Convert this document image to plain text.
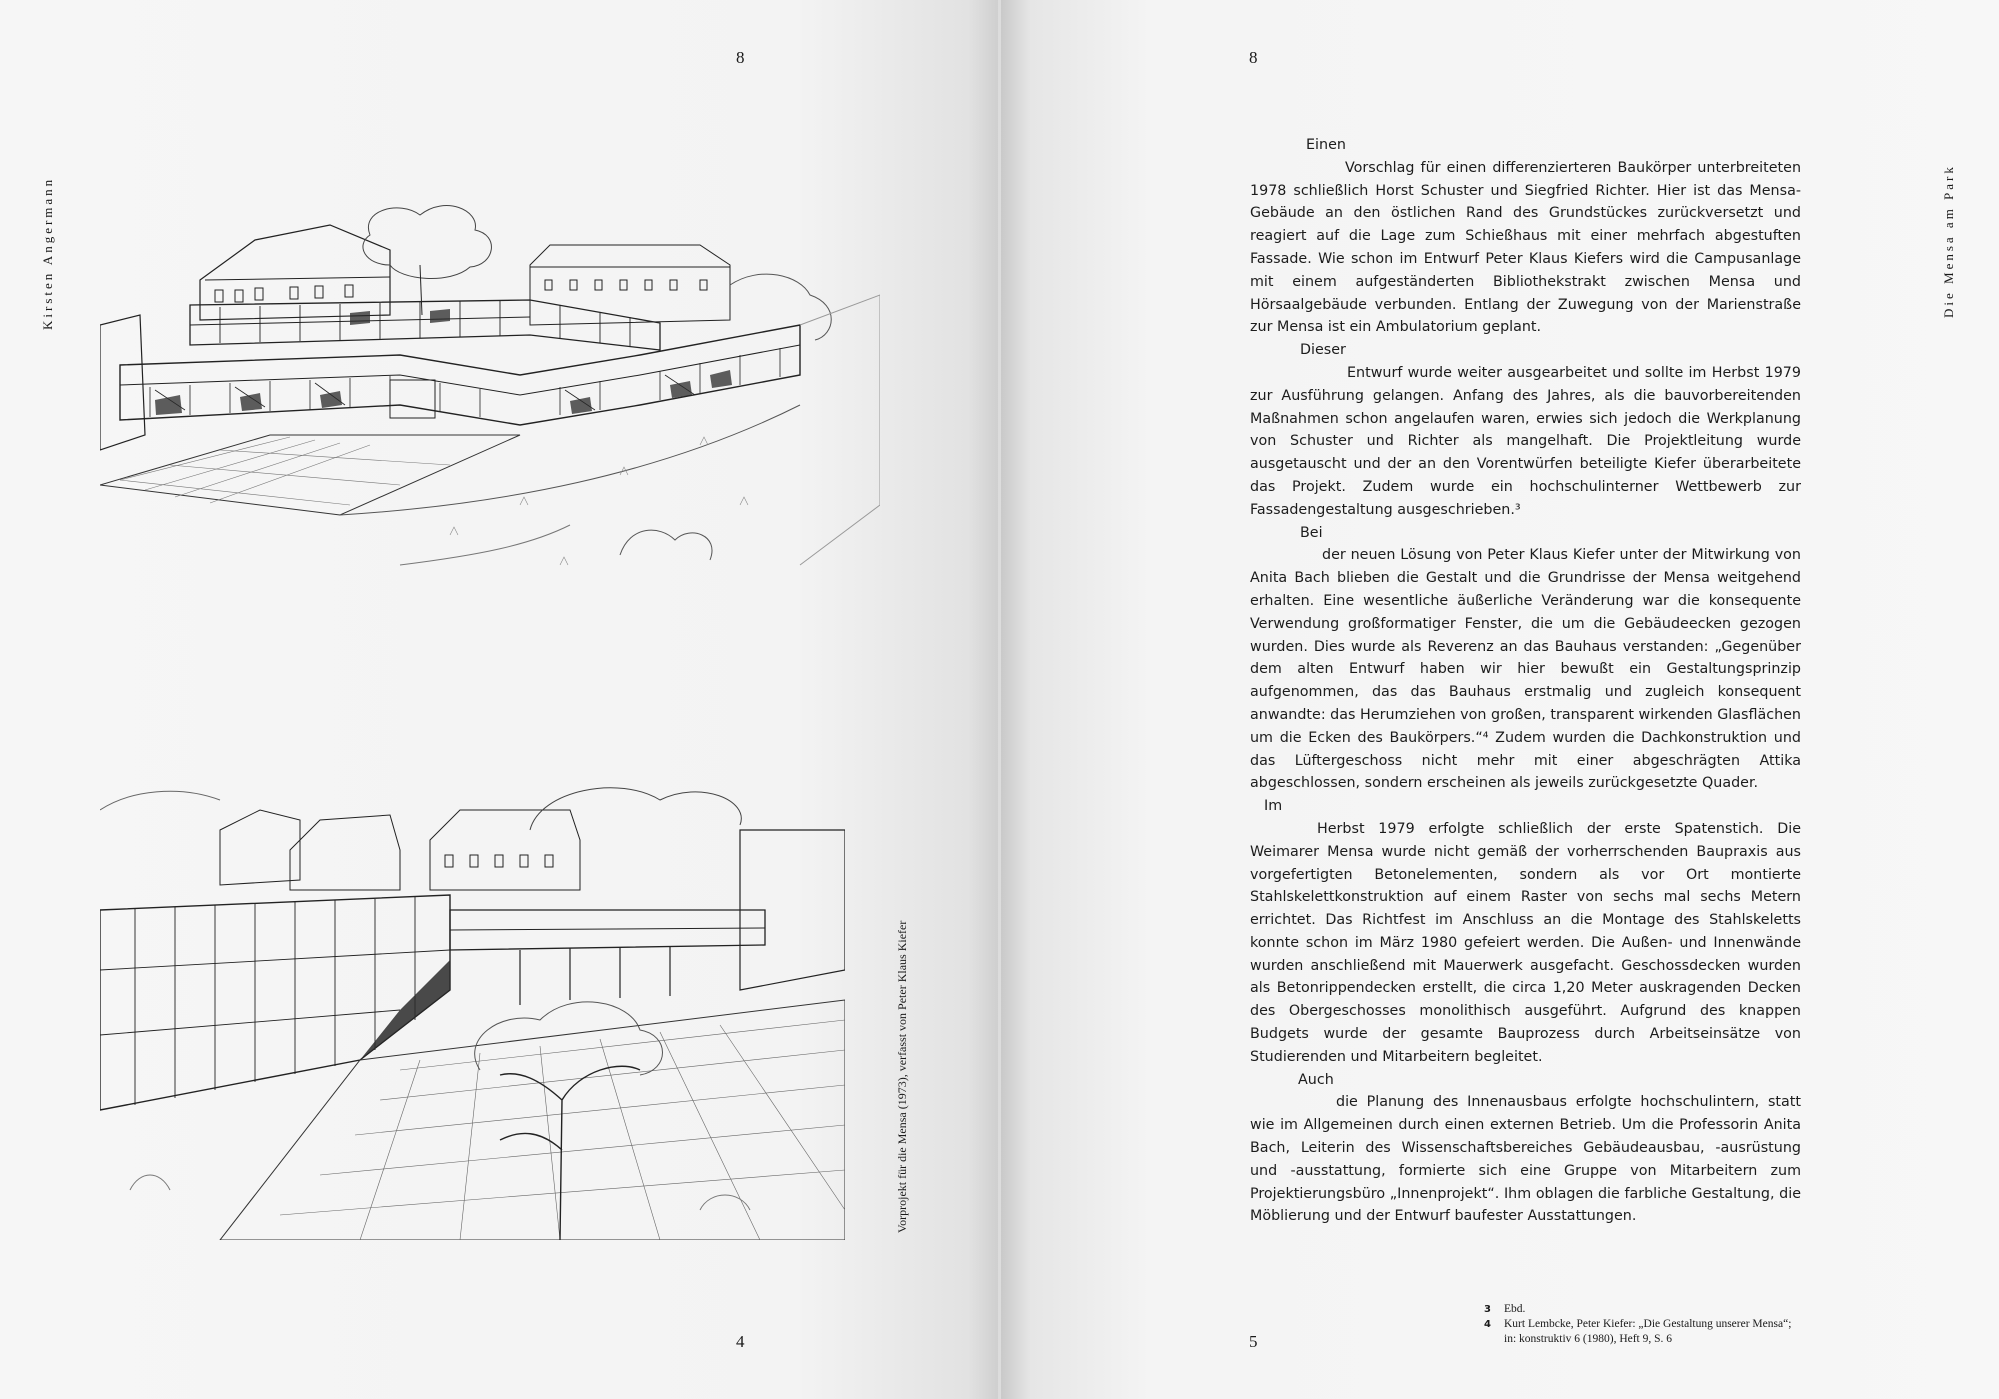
8
Kirsten Angermann
Vorprojekt für die Mensa (1973), verfasst von Peter Klaus Kiefer
4
8
Die Mensa am Park
Einen
Vorschlag für einen differenzierteren Baukörper unterbreiteten 1978 schließlich Horst Schuster und Siegfried Richter. Hier ist das Mensa-Gebäude an den östlichen Rand des Grundstückes zurückversetzt und reagiert auf die Lage zum Schießhaus mit einer mehrfach abgestuften Fassade. Wie schon im Entwurf Peter Klaus Kiefers wird die Campusanlage mit einem aufgeständerten Bibliothekstrakt zwischen Mensa und Hörsaalgebäude verbunden. Entlang der Zuwegung von der Marienstraße zur Mensa ist ein Ambulatorium geplant.
Dieser
Entwurf wurde weiter ausgearbeitet und sollte im Herbst 1979 zur Ausführung gelangen. Anfang des Jahres, als die bauvorbereitenden Maßnahmen schon angelaufen waren, erwies sich jedoch die Werkplanung von Schuster und Richter als mangelhaft. Die Projektleitung wurde ausgetauscht und der an den Vorentwürfen beteiligte Kiefer überarbeitete das Projekt. Zudem wurde ein hochschulinterner Wettbewerb zur Fassadengestaltung ausgeschrieben.³
Bei
der neuen Lösung von Peter Klaus Kiefer unter der Mitwirkung von Anita Bach blieben die Gestalt und die Grundrisse der Mensa weitgehend erhalten. Eine wesentliche äußerliche Veränderung war die konsequente Verwendung großformatiger Fenster, die um die Gebäudeecken gezogen wurden. Dies wurde als Reverenz an das Bauhaus verstanden: „Gegenüber dem alten Entwurf haben wir hier bewußt ein Gestaltungsprinzip aufgenommen, das das Bauhaus erstmalig und zugleich konsequent anwandte: das Herumziehen von großen, transparent wirkenden Glasflächen um die Ecken des Baukörpers.“⁴ Zudem wurden die Dachkonstruktion und das Lüftergeschoss nicht mehr mit einer abgeschrägten Attika abgeschlossen, sondern erscheinen als jeweils zurückgesetzte Quader.
Im
Herbst 1979 erfolgte schließlich der erste Spatenstich. Die Weimarer Mensa wurde nicht gemäß der vorherrschenden Baupraxis aus vorgefertigten Betonelementen, sondern als vor Ort montierte Stahlskelettkonstruktion auf einem Raster von sechs mal sechs Metern errichtet. Das Richtfest im Anschluss an die Montage des Stahlskeletts konnte schon im März 1980 gefeiert werden. Die Außen- und Innenwände wurden anschließend mit Mauerwerk ausgefacht. Geschossdecken wurden als Betonrippendecken erstellt, die circa 1,20 Meter auskragenden Decken des Obergeschosses monolithisch ausgeführt. Aufgrund des knappen Budgets wurde der gesamte Bauprozess durch Arbeitseinsätze von Studierenden und Mitarbeitern begleitet.
Auch
die Planung des Innenausbaus erfolgte hochschulintern, statt wie im Allgemeinen durch einen externen Betrieb. Um die Professorin Anita Bach, Leiterin des Wissenschaftsbereiches Gebäudeausbau, -ausrüstung und -ausstattung, formierte sich eine Gruppe von Mitarbeitern zum Projektierungsbüro „Innenprojekt“. Ihm oblagen die farbliche Gestaltung, die Möblierung und der Entwurf baufester Ausstattungen.
3	Ebd.
4	Kurt Lembcke, Peter Kiefer: „Die Gestaltung unserer Mensa“;
in: konstruktiv 6 (1980), Heft 9, S. 6
5
